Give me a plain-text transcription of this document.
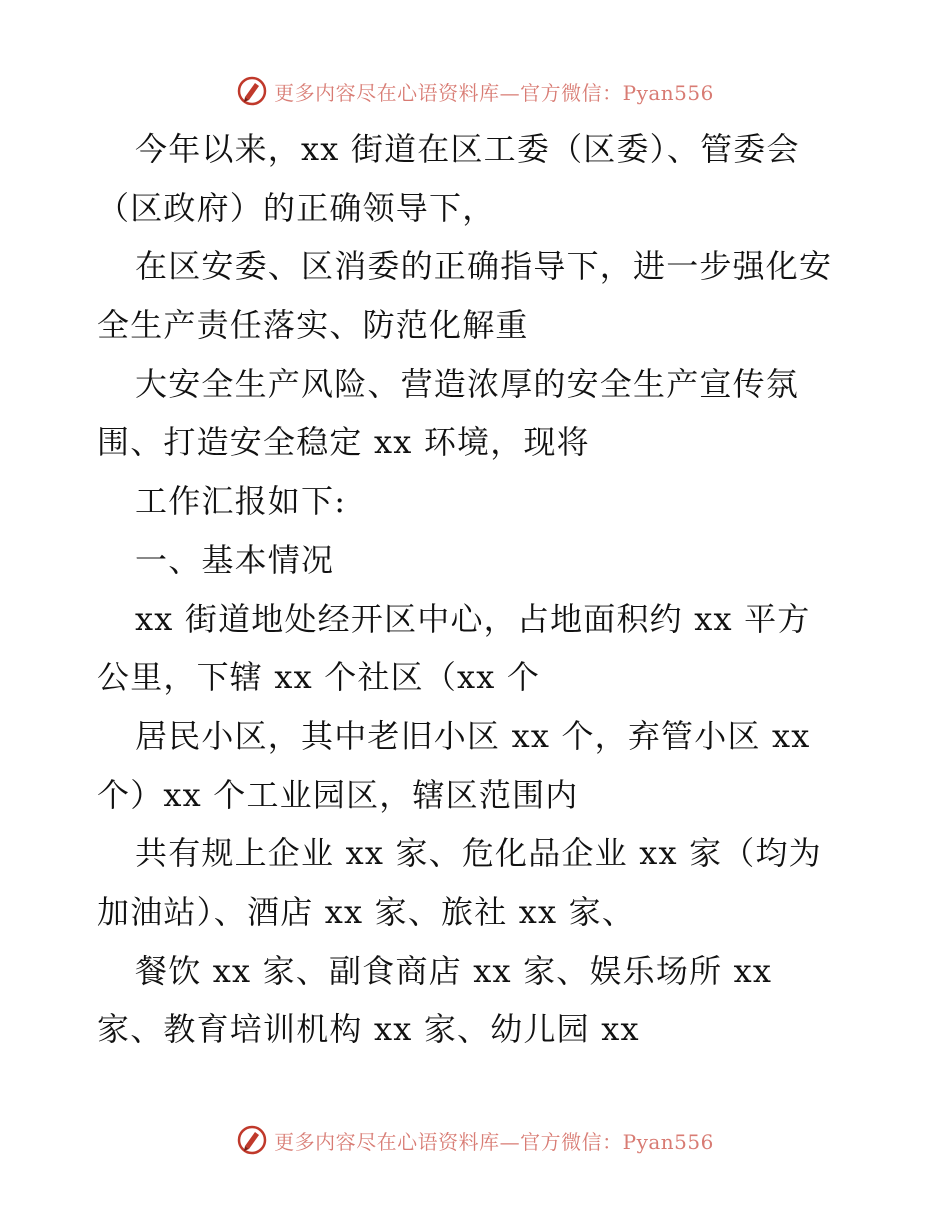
更多内容尽在心语资料库—官方微信：Pyan556
今年以来，xx 街道在区工委（区委）、管委会
（区政府）的正确领导下，
在区安委、区消委的正确指导下，进一步强化安
全生产责任落实、防范化解重
大安全生产风险、营造浓厚的安全生产宣传氛
围、打造安全稳定 xx 环境，现将
工作汇报如下:
一、基本情况
xx 街道地处经开区中心，占地面积约 xx 平方
公里，下辖 xx 个社区（xx 个
居民小区，其中老旧小区 xx 个，弃管小区 xx
个）xx 个工业园区，辖区范围内
共有规上企业 xx 家、危化品企业 xx 家（均为
加油站）、酒店 xx 家、旅社 xx 家、
餐饮 xx 家、副食商店 xx 家、娱乐场所 xx
家、教育培训机构 xx 家、幼儿园 xx
更多内容尽在心语资料库—官方微信：Pyan556
